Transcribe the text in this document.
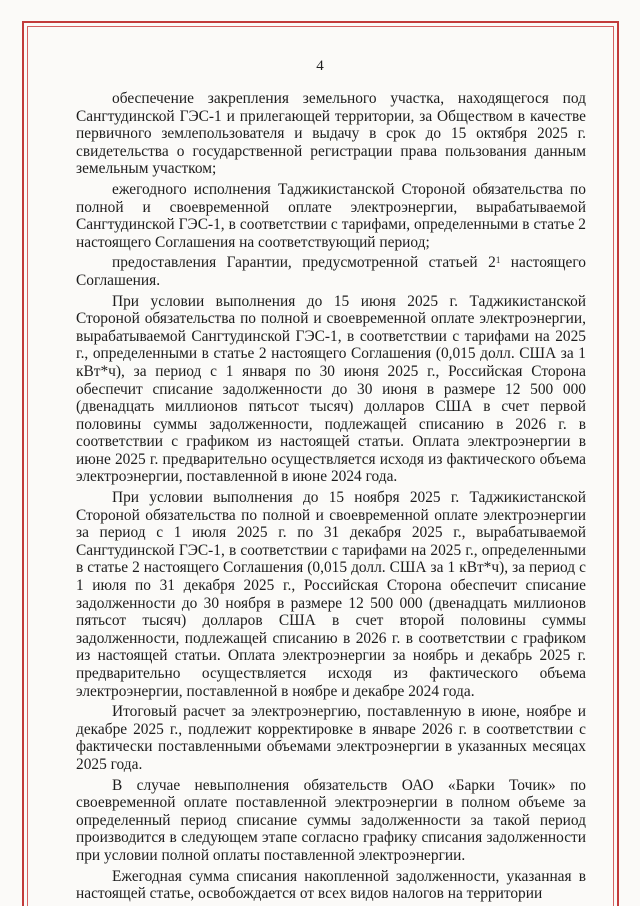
4

обеспечение закрепления земельного участка, находящегося под Сангтудинской ГЭС-1 и прилегающей территории, за Обществом в качестве первичного землепользователя и выдачу в срок до 15 октября 2025 г. свидетельства о государственной регистрации права пользования данным земельным участком;

ежегодного исполнения Таджикистанской Стороной обязательства по полной и своевременной оплате электроэнергии, вырабатываемой Сангтудинской ГЭС-1, в соответствии с тарифами, определенными в статье 2 настоящего Соглашения на соответствующий период;

предоставления Гарантии, предусмотренной статьей 2$^1$ настоящего Соглашения.

При условии выполнения до 15 июня 2025 г. Таджикистанской Стороной обязательства по полной и своевременной оплате электроэнергии, вырабатываемой Сангтудинской ГЭС-1, в соответствии с тарифами на 2025 г., определенными в статье 2 настоящего Соглашения (0,015 долл. США за 1 кВт*ч), за период с 1 января по 30 июня 2025 г., Российская Сторона обеспечит списание задолженности до 30 июня в размере 12 500 000 (двенадцать миллионов пятьсот тысяч) долларов США в счет первой половины суммы задолженности, подлежащей списанию в 2026 г. в соответствии с графиком из настоящей статьи. Оплата электроэнергии в июне 2025 г. предварительно осуществляется исходя из фактического объема электроэнергии, поставленной в июне 2024 года.

При условии выполнения до 15 ноября 2025 г. Таджикистанской Стороной обязательства по полной и своевременной оплате электроэнергии за период с 1 июля 2025 г. по 31 декабря 2025 г., вырабатываемой Сангтудинской ГЭС-1, в соответствии с тарифами на 2025 г., определенными в статье 2 настоящего Соглашения (0,015 долл. США за 1 кВт*ч), за период с 1 июля по 31 декабря 2025 г., Российская Сторона обеспечит списание задолженности до 30 ноября в размере 12 500 000 (двенадцать миллионов пятьсот тысяч) долларов США в счет второй половины суммы задолженности, подлежащей списанию в 2026 г. в соответствии с графиком из настоящей статьи. Оплата электроэнергии за ноябрь и декабрь 2025 г. предварительно осуществляется исходя из фактического объема электроэнергии, поставленной в ноябре и декабре 2024 года.

Итоговый расчет за электроэнергию, поставленную в июне, ноябре и декабре 2025 г., подлежит корректировке в январе 2026 г. в соответствии с фактически поставленными объемами электроэнергии в указанных месяцах 2025 года.

В случае невыполнения обязательств ОАО «Барки Точик» по своевременной оплате поставленной электроэнергии в полном объеме за определенный период списание суммы задолженности за такой период производится в следующем этапе согласно графику списания задолженности при условии полной оплаты поставленной электроэнергии.

Ежегодная сумма списания накопленной задолженности, указанная в настоящей статье, освобождается от всех видов налогов на территории
